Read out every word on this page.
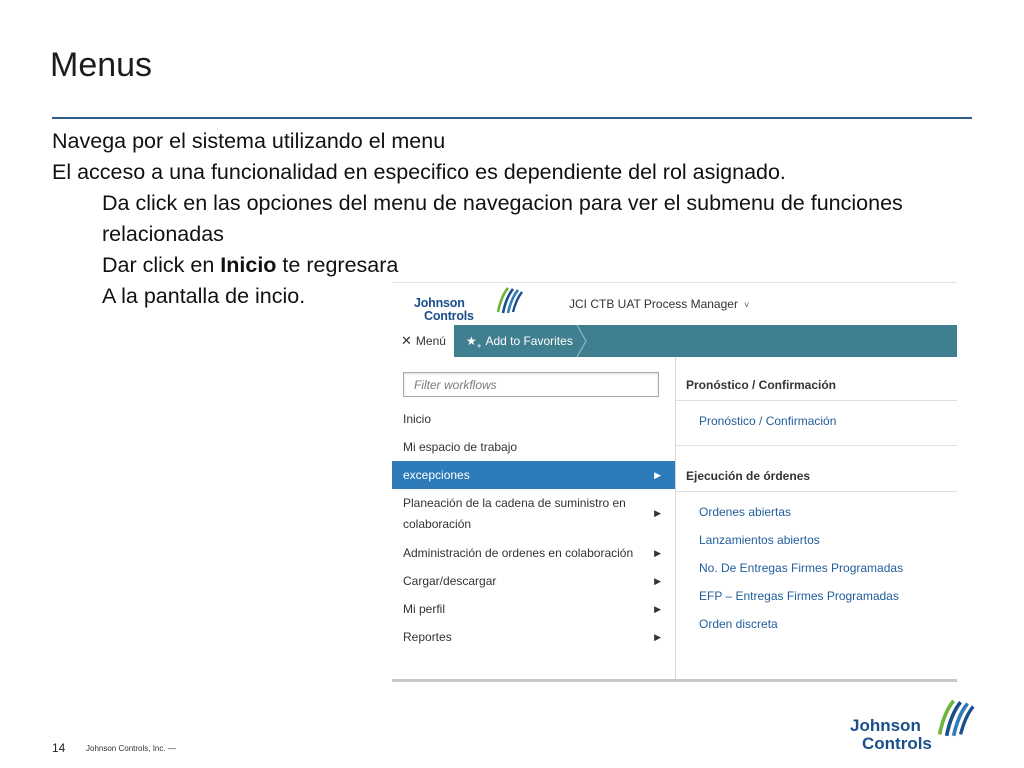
Menus
Navega por el sistema utilizando el menu
El acceso a una funcionalidad en especifico es dependiente del rol asignado.
Da click en las opciones del menu de navegacion para ver el submenu de funciones relacionadas
Dar click en Inicio te regresara
A la pantalla de incio.	Johnson
Controls
JCI CTB UAT Process Manager ˅
✕ Menú	$★_+$ Add to Favorites
Filter workflows
Inicio
Mi espacio de trabajo
excepciones	▶
Planeación de la cadena de suministro en colaboración
▶
Administración de ordenes en colaboración ▶
Cargar/descargar	▶
Mi perfil	▶
Reportes	▶
Pronóstico / Confirmación
Pronóstico / Confirmación
Ejecución de órdenes
Ordenes abiertas
Lanzamientos abiertos
No. De Entregas Firmes Programadas
EFP – Entregas Firmes Programadas
Orden discreta
14	Johnson Controls, Inc. —
Johnson
Controls
